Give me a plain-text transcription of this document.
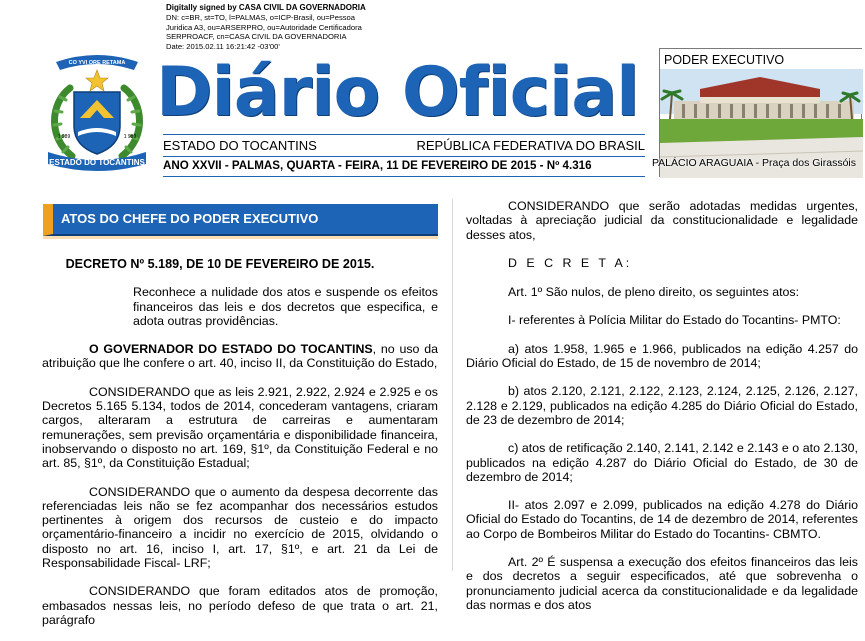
Digitally signed by CASA CIVIL DA GOVERNADORIA
DN: c=BR, st=TO, l=PALMAS, o=ICP-Brasil, ou=Pessoa
Juridica A3, ou=ARSERPRO, ou=Autoridade Certificadora
SERPROACF, cn=CASA CIVIL DA GOVERNADORIA
Date: 2015.02.11 16:21:42 -03'00'
CO YVI ORE RETAMA
1 989	1 989
ESTADO DO TOCANTINS
Diário Oficial
ESTADO DO TOCANTINS	REPÚBLICA FEDERATIVA DO BRASIL
ANO XXVII - PALMAS, QUARTA - FEIRA, 11 DE FEVEREIRO DE 2015 - Nº 4.316
PODER EXECUTIVO
PALÁCIO ARAGUAIA - Praça dos Girassóis
ATOS DO CHEFE DO PODER EXECUTIVO
DECRETO Nº 5.189, DE 10 DE FEVEREIRO DE 2015.
Reconhece a nulidade dos atos e suspende os efeitos financeiros das leis e dos decretos que especifica, e adota outras providências.
O GOVERNADOR DO ESTADO DO TOCANTINS, no uso da atribuição que lhe confere o art. 40, inciso II, da Constituição do Estado,
CONSIDERANDO que as leis 2.921, 2.922, 2.924 e 2.925 e os Decretos 5.165 5.134, todos de 2014, concederam vantagens, criaram cargos, alteraram a estrutura de carreiras e aumentaram remunerações, sem previsão orçamentária e disponibilidade financeira, inobservando o disposto no art. 169, §1º, da Constituição Federal e no art. 85, §1º, da Constituição Estadual;
CONSIDERANDO que o aumento da despesa decorrente das referenciadas leis não se fez acompanhar dos necessários estudos pertinentes à origem dos recursos de custeio e do impacto orçamentário-financeiro a incidir no exercício de 2015, olvidando o disposto no art. 16, inciso I, art. 17, §1º, e art. 21 da Lei de Responsabilidade Fiscal- LRF;
CONSIDERANDO que foram editados atos de promoção, embasados nessas leis, no período defeso de que trata o art. 21, parágrafo
CONSIDERANDO que serão adotadas medidas urgentes, voltadas à apreciação judicial da constitucionalidade e legalidade desses atos,
D E C R E T A:
Art. 1º São nulos, de pleno direito, os seguintes atos:
I- referentes à Polícia Militar do Estado do Tocantins- PMTO:
a) atos 1.958, 1.965 e 1.966, publicados na edição 4.257 do Diário Oficial do Estado, de 15 de novembro de 2014;
b) atos 2.120, 2.121, 2.122, 2.123, 2.124, 2.125, 2.126, 2.127, 2.128 e 2.129, publicados na edição 4.285 do Diário Oficial do Estado, de 23 de dezembro de 2014;
c) atos de retificação 2.140, 2.141, 2.142 e 2.143 e o ato 2.130, publicados na edição 4.287 do Diário Oficial do Estado, de 30 de dezembro de 2014;
II- atos 2.097 e 2.099, publicados na edição 4.278 do Diário Oficial do Estado do Tocantins, de 14 de dezembro de 2014, referentes ao Corpo de Bombeiros Militar do Estado do Tocantins- CBMTO.
Art. 2º É suspensa a execução dos efeitos financeiros das leis e dos decretos a seguir especificados, até que sobrevenha o pronunciamento judicial acerca da constitucionalidade e da legalidade das normas e dos atos
